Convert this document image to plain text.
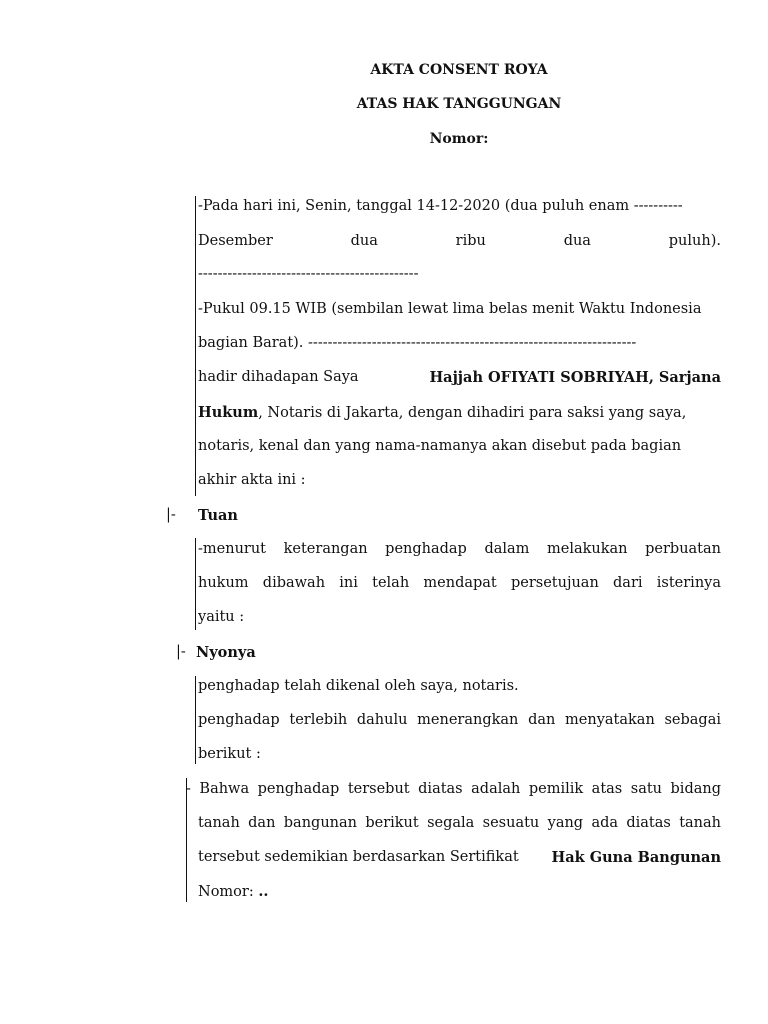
AKTA CONSENT ROYA
ATAS HAK TANGGUNGAN
Nomor:
-Pada hari ini, Senin, tanggal 14-12-2020 (dua puluh enam ----------
Desember	dua	ribu	dua	puluh).
---------------------------------------------
-Pukul 09.15 WIB (sembilan lewat lima belas menit Waktu Indonesia
bagian Barat). -------------------------------------------------------------------
hadir dihadapan Saya	Hajjah OFIYATI SOBRIYAH, Sarjana
Hukum, Notaris di Jakarta, dengan dihadiri para saksi yang saya,
notaris, kenal dan yang nama-namanya akan disebut pada bagian
akhir akta ini :
|- Tuan
-menurut keterangan penghadap dalam melakukan perbuatan
hukum dibawah ini telah mendapat persetujuan dari isterinya
yaitu :
|- Nyonya
penghadap telah dikenal oleh saya, notaris.
penghadap terlebih dahulu menerangkan dan menyatakan sebagai
berikut :
- Bahwa penghadap tersebut diatas adalah pemilik atas satu bidang
tanah dan bangunan berikut segala sesuatu yang ada diatas tanah
tersebut sedemikian berdasarkan Sertifikat Hak Guna Bangunan
Nomor: ..
